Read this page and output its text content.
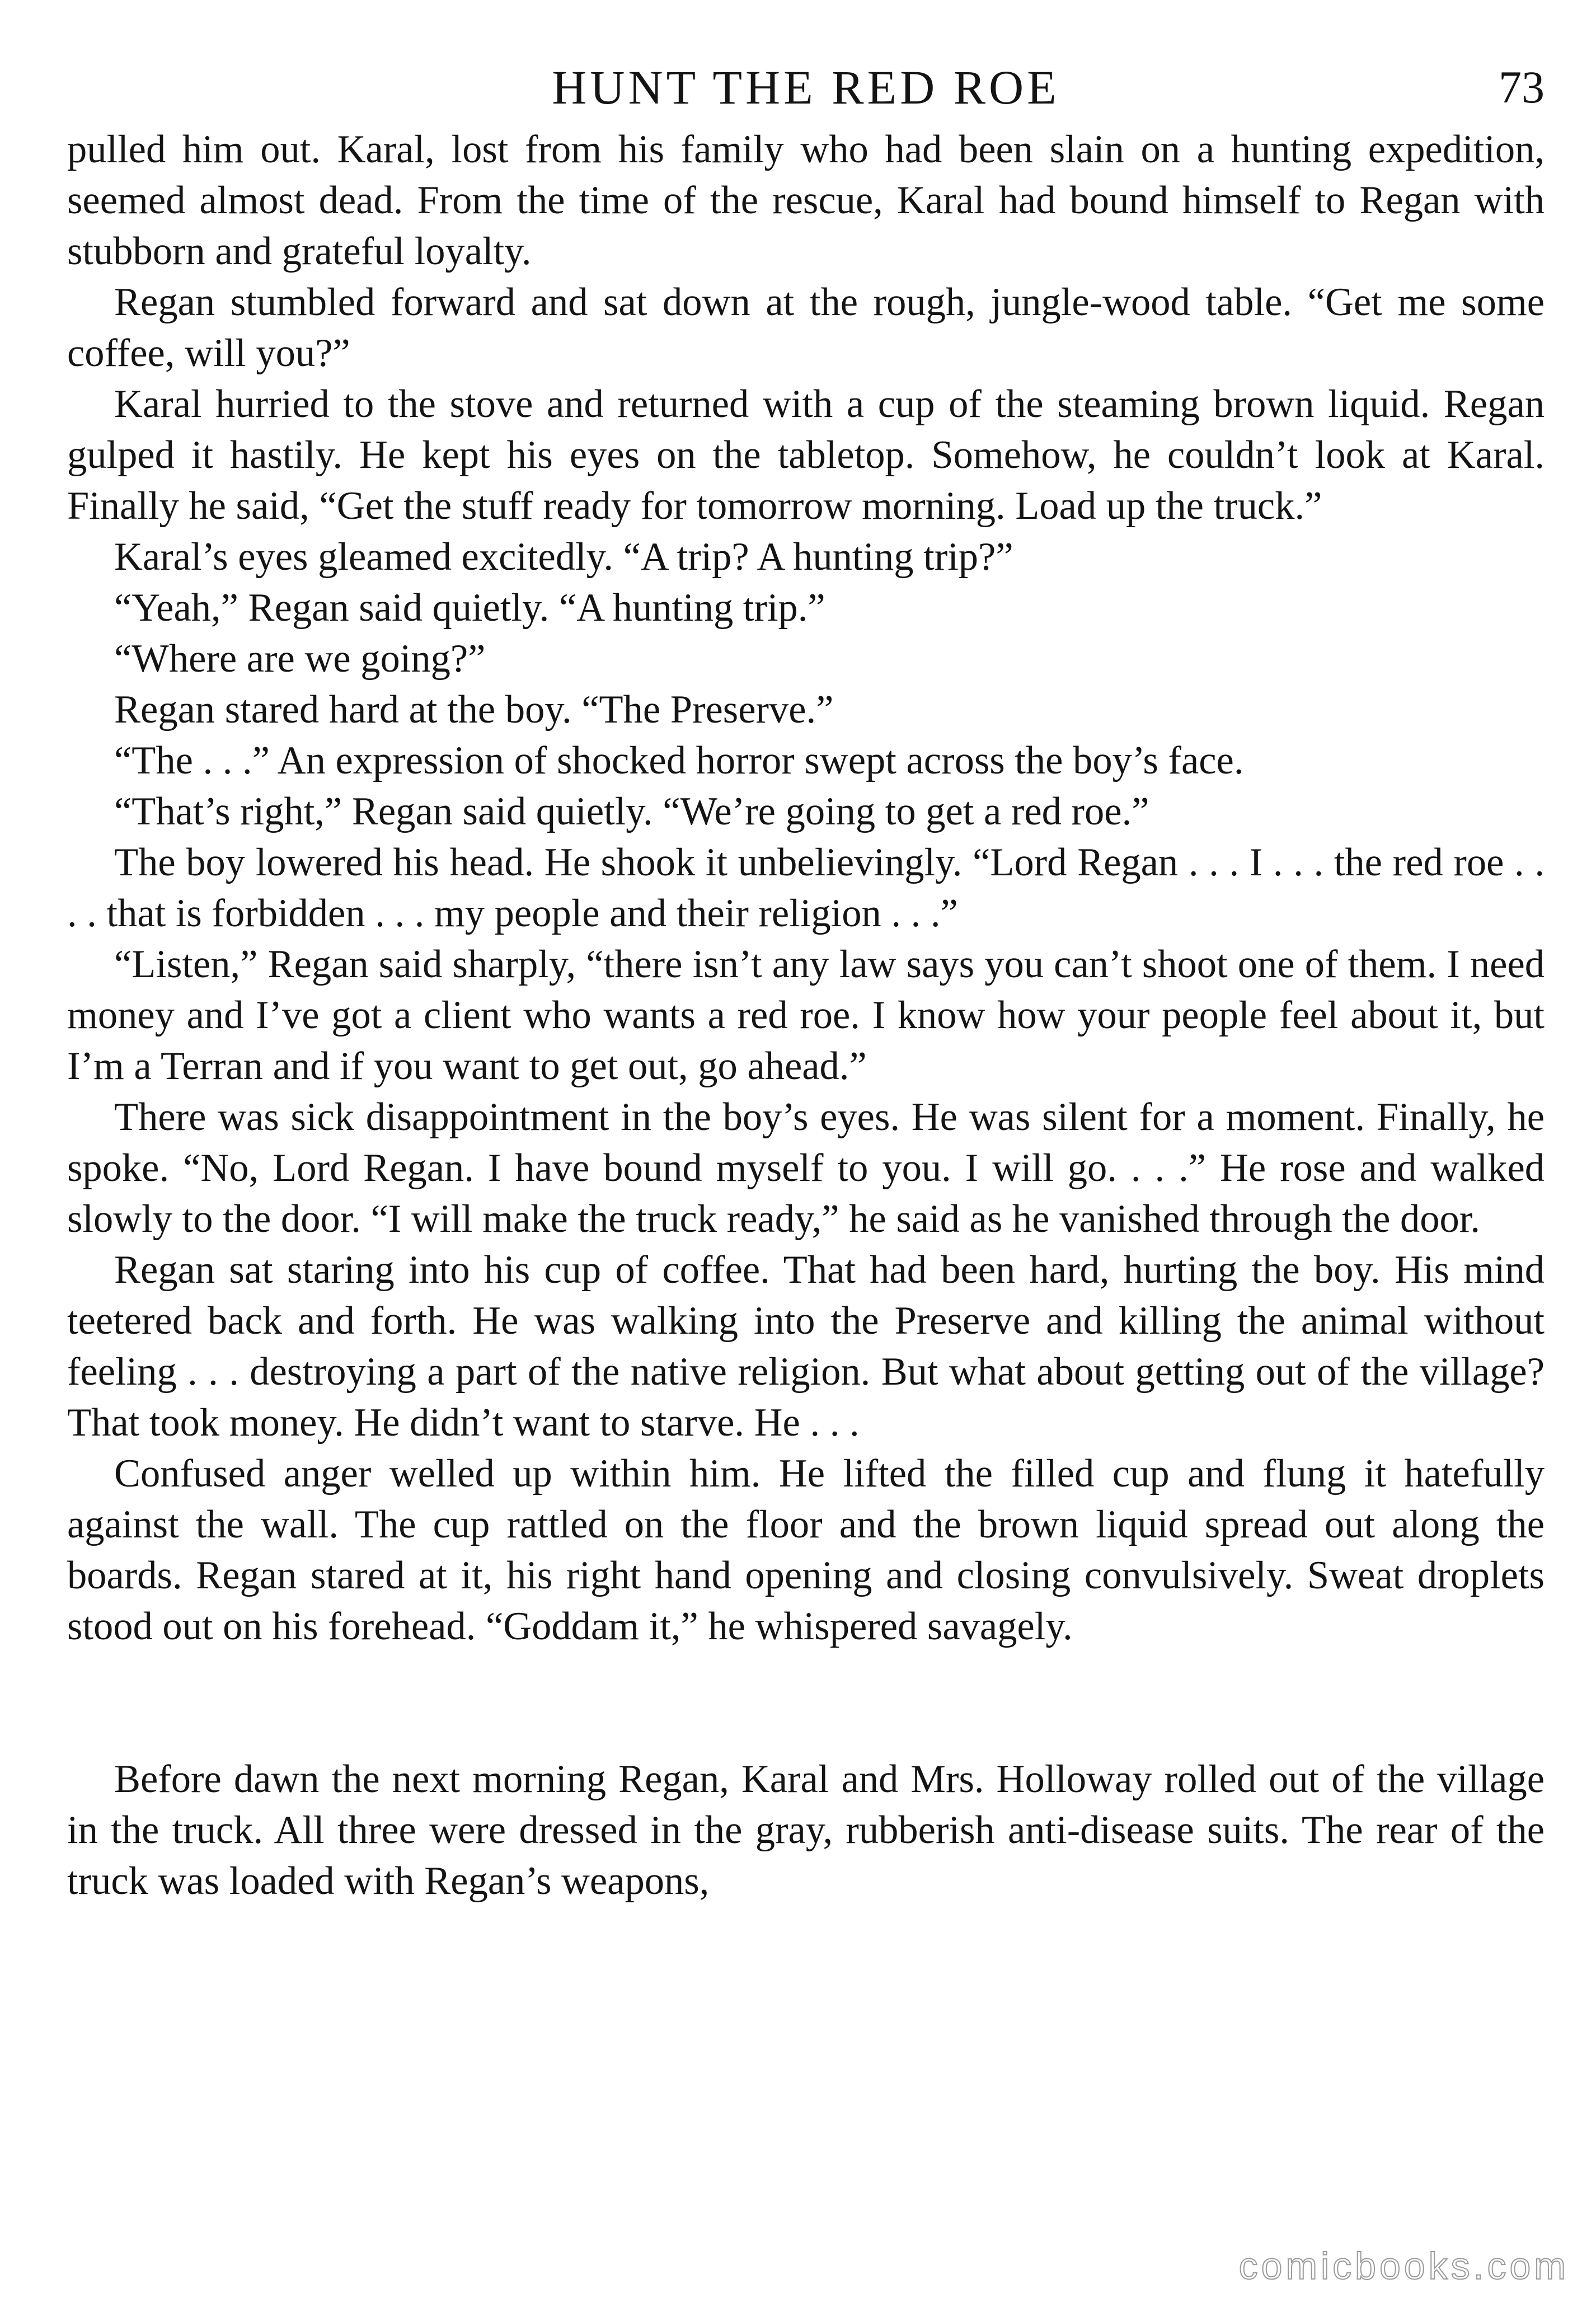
HUNT THE RED ROE	73

pulled him out. Karal, lost from his family who had been slain on a hunting expedition, seemed almost dead. From the time of the rescue, Karal had bound himself to Regan with stubborn and grateful loyalty.

Regan stumbled forward and sat down at the rough, jungle-wood table. “Get me some coffee, will you?”

Karal hurried to the stove and returned with a cup of the steaming brown liquid. Regan gulped it hastily. He kept his eyes on the tabletop. Somehow, he couldn’t look at Karal. Finally he said, “Get the stuff ready for tomorrow morning. Load up the truck.”

Karal’s eyes gleamed excitedly. “A trip? A hunting trip?”

“Yeah,” Regan said quietly. “A hunting trip.”

“Where are we going?”

Regan stared hard at the boy. “The Preserve.”

“The . . .” An expression of shocked horror swept across the boy’s face.

“That’s right,” Regan said quietly. “We’re going to get a red roe.”

The boy lowered his head. He shook it unbelievingly. “Lord Regan . . . I . . . the red roe . . . . that is forbidden . . . my people and their religion . . .”

“Listen,” Regan said sharply, “there isn’t any law says you can’t shoot one of them. I need money and I’ve got a client who wants a red roe. I know how your people feel about it, but I’m a Terran and if you want to get out, go ahead.”

There was sick disappointment in the boy’s eyes. He was silent for a moment. Finally, he spoke. “No, Lord Regan. I have bound myself to you. I will go. . . .” He rose and walked slowly to the door. “I will make the truck ready,” he said as he vanished through the door.

Regan sat staring into his cup of coffee. That had been hard, hurting the boy. His mind teetered back and forth. He was walking into the Preserve and killing the animal without feeling . . . destroying a part of the native religion. But what about getting out of the village? That took money. He didn’t want to starve. He . . .

Confused anger welled up within him. He lifted the filled cup and flung it hatefully against the wall. The cup rattled on the floor and the brown liquid spread out along the boards. Regan stared at it, his right hand opening and closing convulsively. Sweat droplets stood out on his forehead. “Goddam it,” he whispered savagely.

Before dawn the next morning Regan, Karal and Mrs. Holloway rolled out of the village in the truck. All three were dressed in the gray, rubberish anti-disease suits. The rear of the truck was loaded with Regan’s weapons,

comicbooks.com
